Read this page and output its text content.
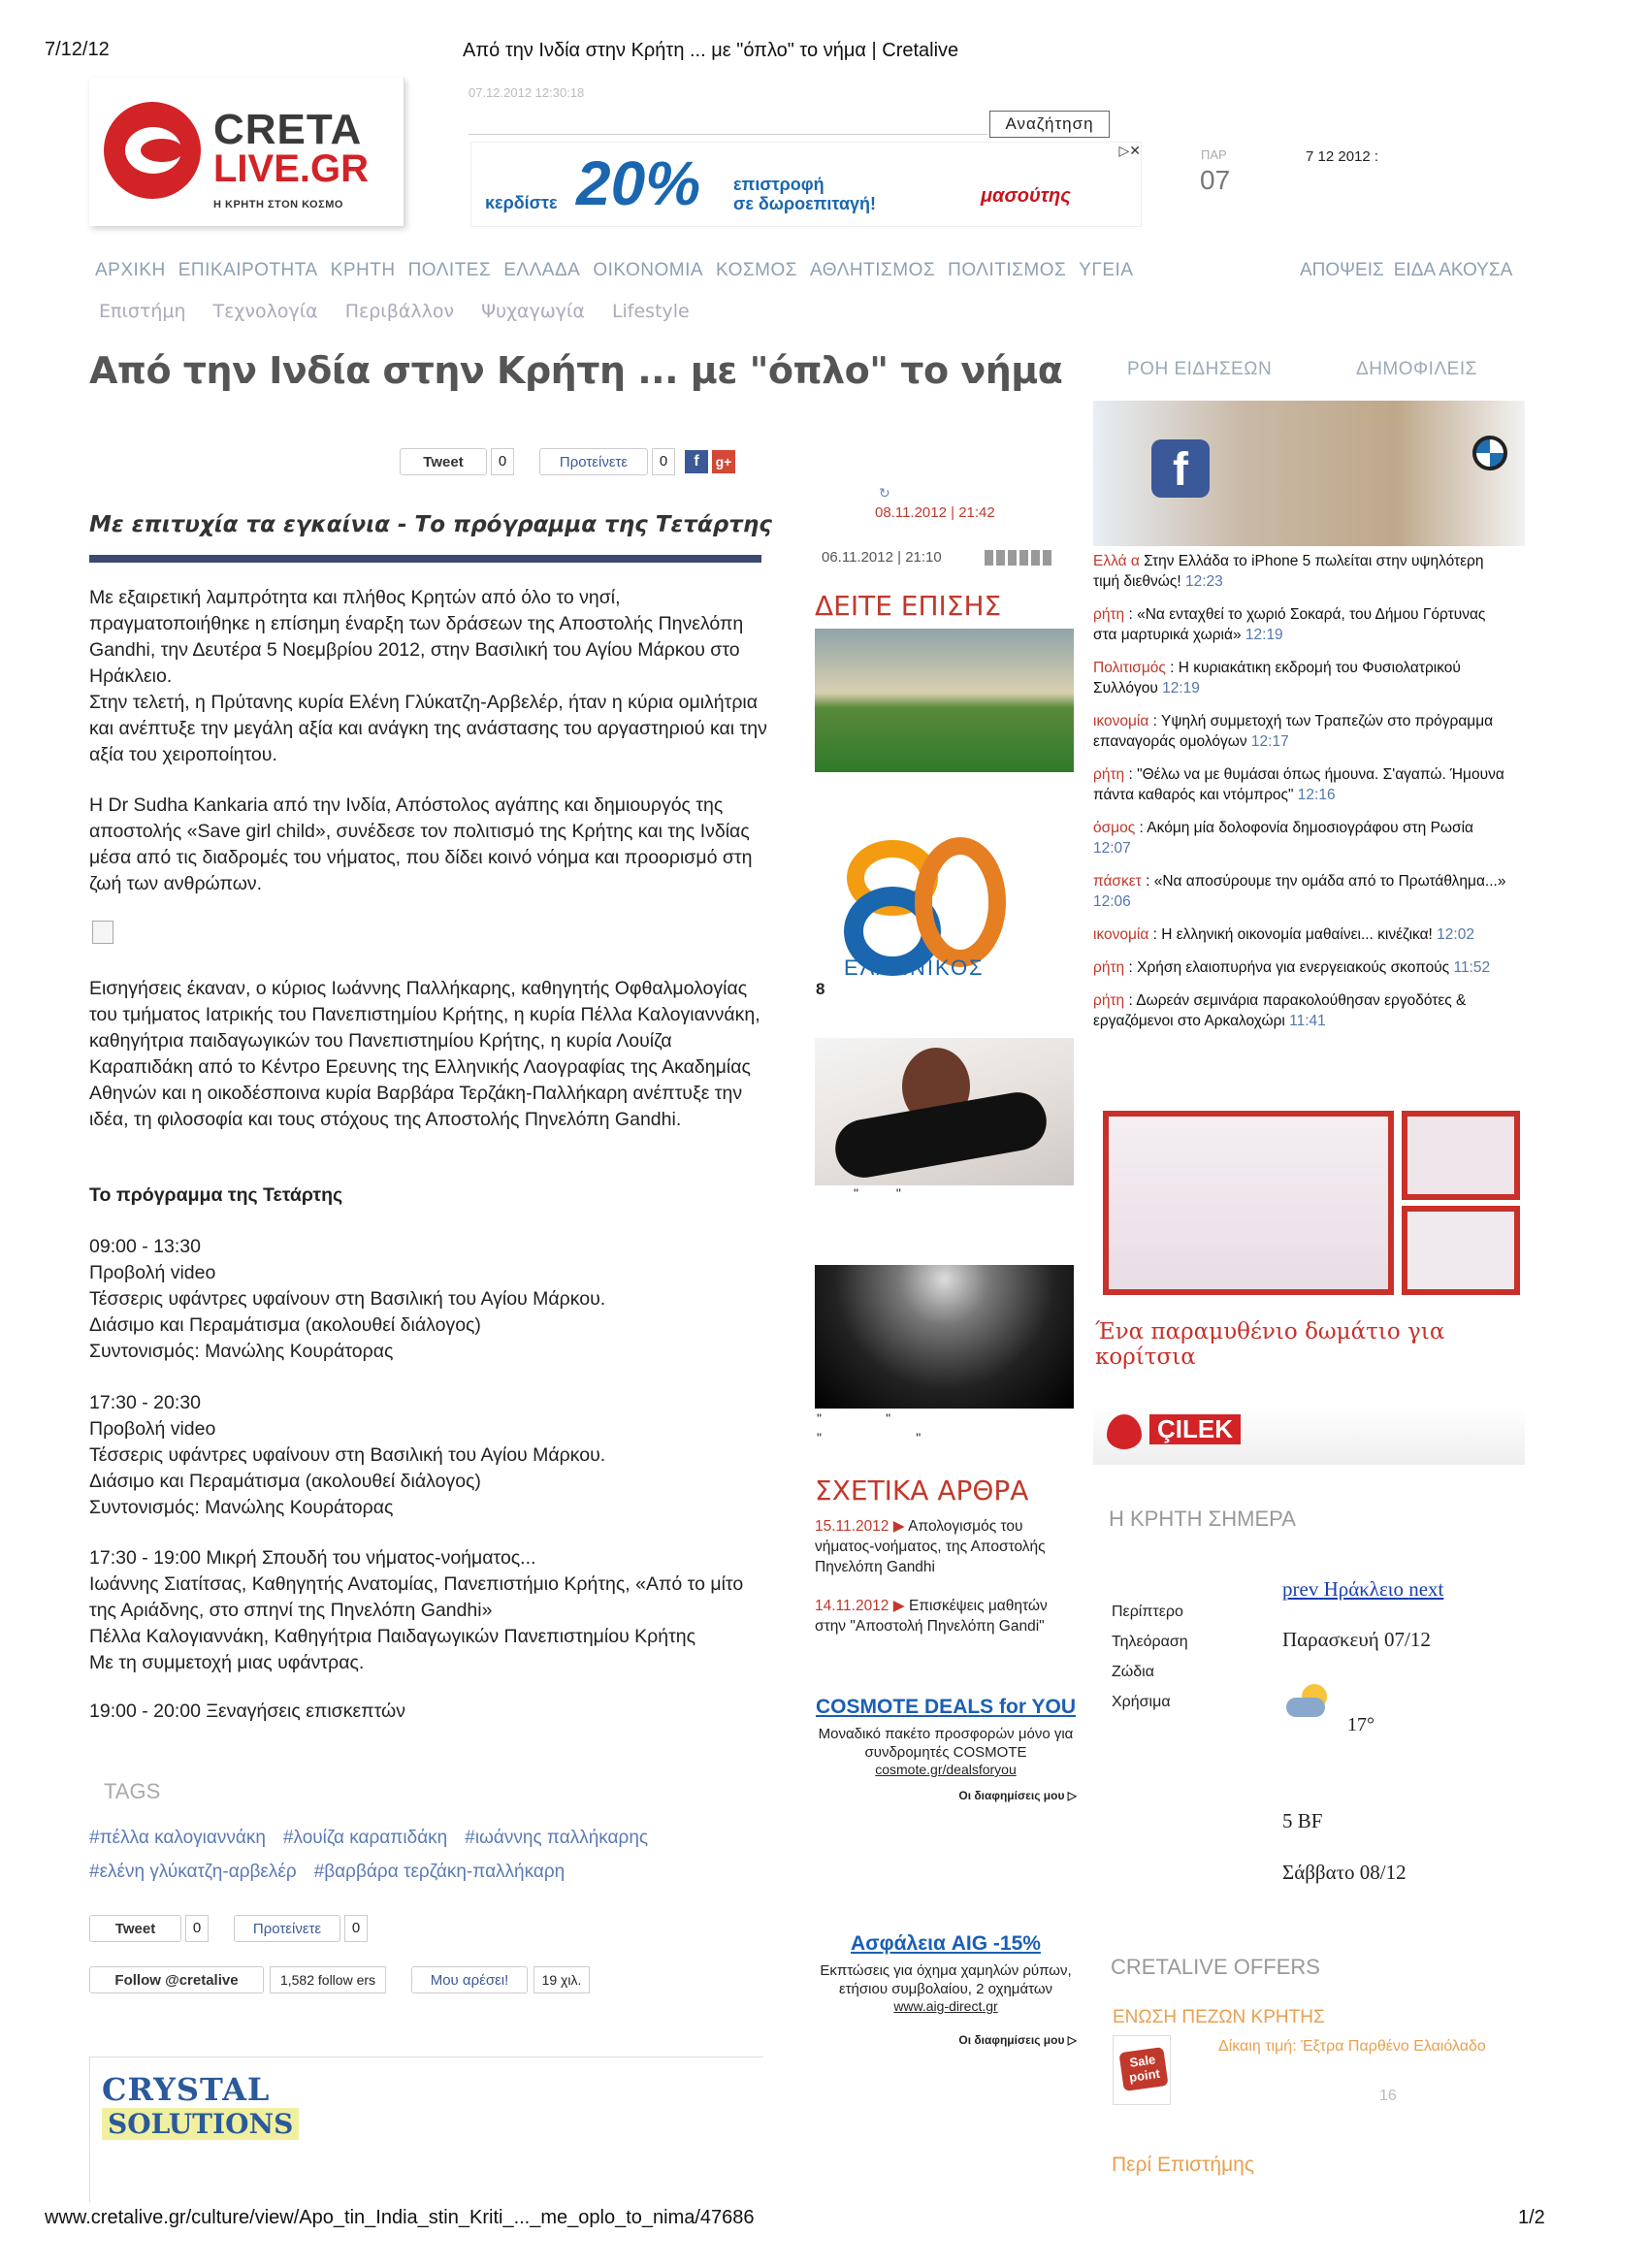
7/12/12	Από την Ινδία στην Κρήτη ... με "όπλο" το νήμα | Cretalive
CRETA
LIVE.GR
Η ΚΡΗΤΗ ΣΤΟΝ ΚΟΣΜΟ
07.12.2012 12:30:18
Αναζήτηση
▷✕
κερδίστε 20% επιστροφή
σε δωροεπιταγή!	μασούτης
ΠΑΡ
07
7 12 2012 :
ΑΡΧΙΚΗ ΕΠΙΚΑΙΡΟΤΗΤΑ ΚΡΗΤΗ ΠΟΛΙΤΕΣ ΕΛΛΑΔΑ ΟΙΚΟΝΟΜΙΑ ΚΟΣΜΟΣ ΑΘΛΗΤΙΣΜΟΣ ΠΟΛΙΤΙΣΜΟΣ ΥΓΕΙΑ	ΑΠΟΨΕΙΣ ΕΙΔΑ ΑΚΟΥΣΑ
Επιστήμη Τεχνολογία Περιβάλλον Ψυχαγωγία Lifestyle
Από την Ινδία στην Κρήτη ... με "όπλο" το νήμα
Tweet	0	Προτείνετε	0	f	g+
Με επιτυχία τα εγκαίνια - Το πρόγραμμα της Τετάρτης
Με εξαιρετική λαμπρότητα και πλήθος Κρητών από όλο το νησί, πραγματοποιήθηκε η επίσημη έναρξη των δράσεων της Αποστολής Πηνελόπη Gandhi, την Δευτέρα 5 Νοεμβρίου 2012, στην Βασιλική του Αγίου Μάρκου στο Ηράκλειο.
Στην τελετή, η Πρύτανης κυρία Ελένη Γλύκατζη-Αρβελέρ, ήταν η κύρια ομιλήτρια και ανέπτυξε την μεγάλη αξία και ανάγκη της ανάστασης του αργαστηριού και την αξία του χειροποίητου.
Η Dr Sudha Kankaria από την Ινδία, Απόστολος αγάπης και δημιουργός της αποστολής «Save girl child», συνέδεσε τον πολιτισμό της Κρήτης και της Ινδίας μέσα από τις διαδρομές του νήματος, που δίδει κοινό νόημα και προορισμό στη ζωή των ανθρώπων.
Εισηγήσεις έκαναν, ο κύριος Ιωάννης Παλλήκαρης, καθηγητής Οφθαλμολογίας του τμήματος Ιατρικής του Πανεπιστημίου Κρήτης, η κυρία Πέλλα Καλογιαννάκη, καθηγήτρια παιδαγωγικών του Πανεπιστημίου Κρήτης, η κυρία Λουίζα Καραπιδάκη από το Κέντρο Ερευνης της Ελληνικής Λαογραφίας της Ακαδημίας Αθηνών και η οικοδέσποινα κυρία Βαρβάρα Τερζάκη-Παλλήκαρη ανέπτυξε την ιδέα, τη φιλοσοφία και τους στόχους της Αποστολής Πηνελόπη Gandhi.
Το πρόγραμμα της Τετάρτης
09:00 - 13:30
Προβολή video
Τέσσερις υφάντρες υφαίνουν στη Βασιλική του Αγίου Μάρκου.
Διάσιμο και Περαμάτισμα (ακολουθεί διάλογος)
Συντονισμός: Μανώλης Κουράτορας
17:30 - 20:30
Προβολή video
Τέσσερις υφάντρες υφαίνουν στη Βασιλική του Αγίου Μάρκου.
Διάσιμο και Περαμάτισμα (ακολουθεί διάλογος)
Συντονισμός: Μανώλης Κουράτορας
17:30 - 19:00 Μικρή Σπουδή του νήματος-νοήματος...
Ιωάννης Σιατίτσας, Καθηγητής Ανατομίας, Πανεπιστήμιο Κρήτης, «Από το μίτο της Αριάδνης, στο σπηνί της Πηνελόπη Gandhi»
Πέλλα Καλογιαννάκη, Καθηγήτρια Παιδαγωγικών Πανεπιστημίου Κρήτης
Με τη συμμετοχή μιας υφάντρας.
19:00 - 20:00 Ξεναγήσεις επισκεπτών
TAGS
#πέλλα καλογιαννάκη #λουίζα καραπιδάκη #ιωάννης παλλήκαρης
#ελένη γλύκατζη-αρβελέρ #βαρβάρα τερζάκη-παλλήκαρη
Tweet	0	Προτείνετε	0
Follow @cretalive	1,582 follow ers	Μου αρέσει!	19 χιλ.
CRYSTAL
SOLUTIONS
↻
08.11.2012 | 21:42
06.11.2012 | 21:10
ΔΕΙΤΕ ΕΠΙΣΗΣ
ΕΛΛΗΝΙΚΟΣ
8
"          "
"                 "
"                         "
ΣΧΕΤΙΚΑ ΑΡΘΡΑ
15.11.2012 ▶ Απολογισμός του νήματος-νοήματος, της Αποστολής Πηνελόπη Gandhi
14.11.2012 ▶ Επισκέψεις μαθητών στην "Αποστολή Πηνελόπη Gandi"
COSMOTE DEALS for YOU
Μοναδικό πακέτο προσφορών μόνο για συνδρομητές COSMOTE
cosmote.gr/dealsforyou
Οι διαφημίσεις μου ▷
Ασφάλεια AIG -15%
Εκπτώσεις για όχημα χαμηλών ρύπων, ετήσιου συμβολαίου, 2 οχημάτων
www.aig-direct.gr
Οι διαφημίσεις μου ▷
ΡΟΗ ΕΙΔΗΣΕΩΝ	ΔΗΜΟΦΙΛΕΙΣ
f

Ελλά α Στην Ελλάδα το iPhone 5 πωλείται στην υψηλότερη τιμή διεθνώς! 12:23

ρήτη : «Να ενταχθεί το χωριό Σοκαρά, του Δήμου Γόρτυνας στα μαρτυρικά χωριά» 12:19

Πολιτισμός : Η κυριακάτικη εκδρομή του Φυσιολατρικού Συλλόγου 12:19

ικονομία : Υψηλή συμμετοχή των Τραπεζών στο πρόγραμμα επαναγοράς ομολόγων 12:17

ρήτη : "Θέλω να με θυμάσαι όπως ήμουνα. Σ'αγαπώ. Ήμουνα πάντα καθαρός και ντόμπρος" 12:16

όσμος : Ακόμη μία δολοφονία δημοσιογράφου στη Ρωσία 12:07

πάσκετ : «Να αποσύρουμε την ομάδα από το Πρωτάθλημα...» 12:06

ικονομία : Η ελληνική οικονομία μαθαίνει... κινέζικα! 12:02

ρήτη : Χρήση ελαιοπυρήνα για ενεργειακούς σκοπούς 11:52

ρήτη : Δωρεάν σεμινάρια παρακολούθησαν εργοδότες & εργαζόμενοι στο Αρκαλοχώρι 11:41

Ένα παραμυθένιο δωμάτιο για κορίτσια
ÇILEK
Η ΚΡΗΤΗ ΣΗΜΕΡΑ
Περίπτερο
Τηλεόραση
Ζώδια
Χρήσιμα
prev Ηράκλειο next
Παρασκευή 07/12
17°
5 BF
Σάββατο 08/12
CRETALIVE OFFERS
ΕΝΩΣΗ ΠΕΖΩΝ ΚΡΗΤΗΣ
Sale point
Δίκαιη τιμή: Έξτρα Παρθένο Ελαιόλαδο
16
Περί Επιστήμης
www.cretalive.gr/culture/view/Apo_tin_India_stin_Kriti_..._me_oplo_to_nima/47686	1/2
